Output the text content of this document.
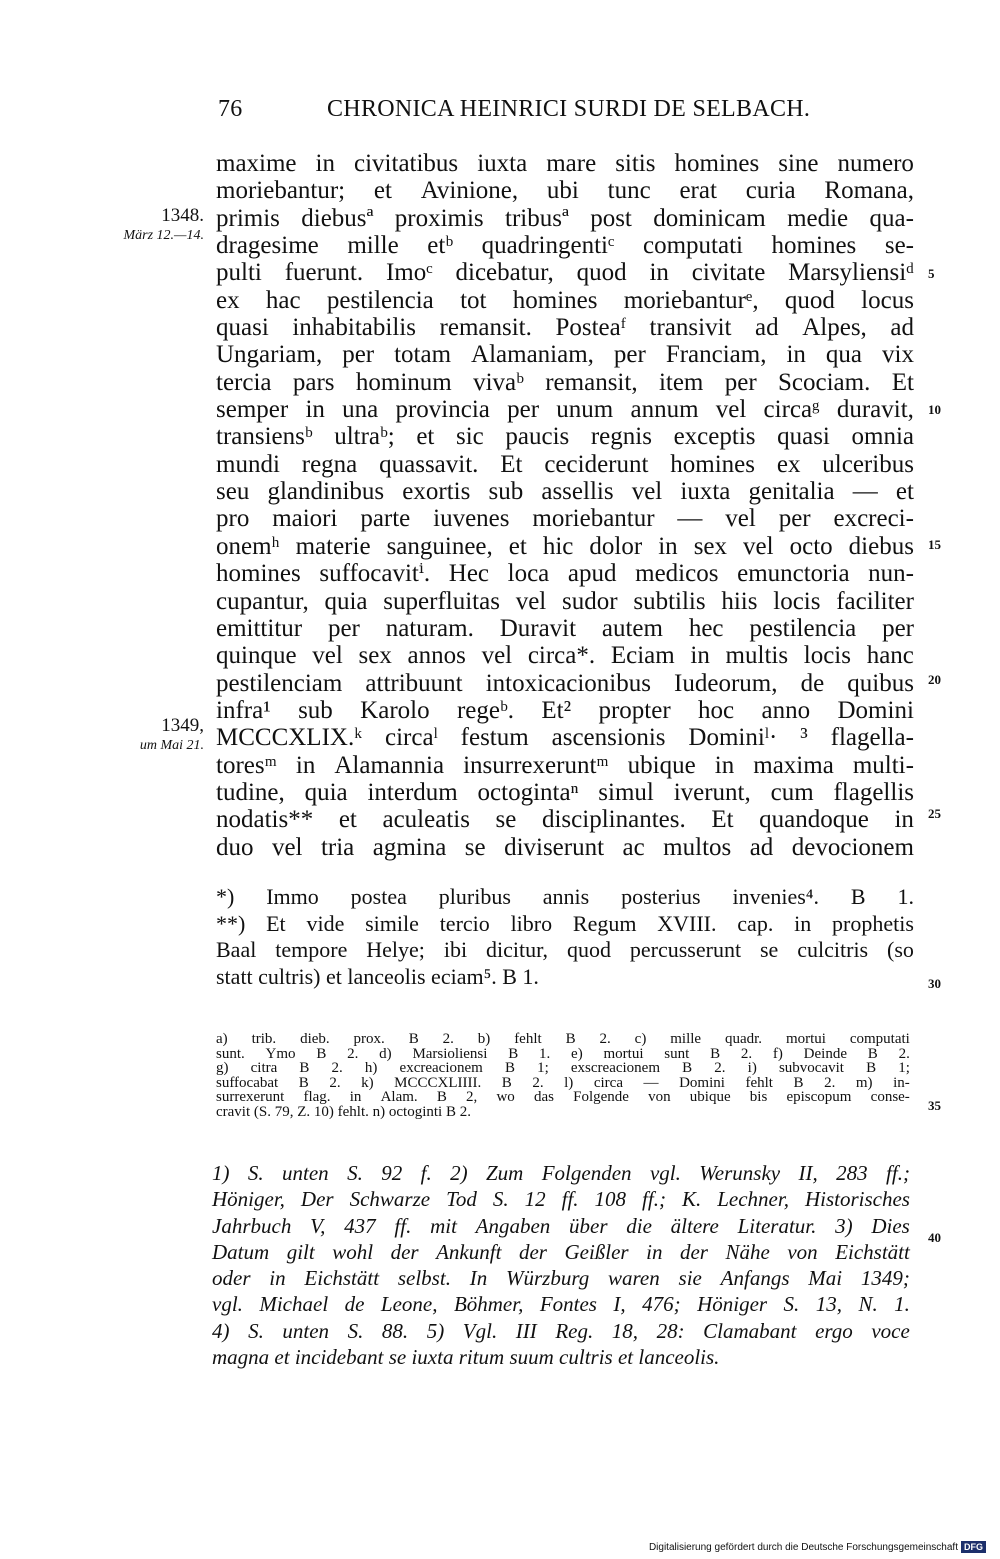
76	CHRONICA HEINRICI SURDI DE SELBACH.
1348.
März 12.—14.
1349,
um Mai 21.
5
10
15
20
25
30
35
40
maxime in civitatibus iuxta mare sitis homines sine numero
moriebantur; et Avinione, ubi tunc erat curia Romana,
primis diebusª proximis tribusª post dominicam medie qua-
dragesime mille etᵇ quadringentiᶜ computati homines se-
pulti fuerunt. Imoᶜ dicebatur, quod in civitate Marsyliensiᵈ
ex hac pestilencia tot homines moriebanturᵉ, quod locus
quasi inhabitabilis remansit. Posteaᶠ transivit ad Alpes, ad
Ungariam, per totam Alamaniam, per Franciam, in qua vix
tercia pars hominum vivaᵇ remansit, item per Scociam. Et
semper in una provincia per unum annum vel circaᵍ duravit,
transiensᵇ ultraᵇ; et sic paucis regnis exceptis quasi omnia
mundi regna quassavit. Et ceciderunt homines ex ulceribus
seu glandinibus exortis sub assellis vel iuxta genitalia — et
pro maiori parte iuvenes moriebantur — vel per excreci-
onemʰ materie sanguinee, et hic dolor in sex vel octo diebus
homines suffocavitⁱ. Hec loca apud medicos emunctoria nun-
cupantur, quia superfluitas vel sudor subtilis hiis locis faciliter
emittitur per naturam. Duravit autem hec pestilencia per
quinque vel sex annos vel circa*. Eciam in multis locis hanc
pestilenciam attribuunt intoxicacionibus Iudeorum, de quibus
infra¹ sub Karolo regeᵇ. Et² propter hoc anno Domini
MCCCXLIX.ᵏ circaˡ festum ascensionis Dominiˡ· ³ flagella-
toresᵐ in Alamannia insurrexeruntᵐ ubique in maxima multi-
tudine, quia interdum octogintaⁿ simul iverunt, cum flagellis
nodatis** et aculeatis se disciplinantes. Et quandoque in
duo vel tria agmina se diviserunt ac multos ad devocionem
*) Immo postea pluribus annis posterius invenies⁴. B 1.
**) Et vide simile tercio libro Regum XVIII. cap. in prophetis
Baal tempore Helye; ibi dicitur, quod percusserunt se culcitris (so
statt cultris) et lanceolis eciam⁵. B 1.
a) trib. dieb. prox. B 2. b) fehlt B 2. c) mille quadr. mortui computati
sunt. Ymo B 2. d) Marsioliensi B 1. e) mortui sunt B 2. f) Deinde B 2.
g) citra B 2. h) excreacionem B 1; exscreacionem B 2. i) subvocavit B 1;
suffocabat B 2. k) MCCCXLIIII. B 2. l) circa — Domini fehlt B 2. m) in-
surrexerunt flag. in Alam. B 2, wo das Folgende von ubique bis episcopum conse-
cravit (S. 79, Z. 10) fehlt. n) octoginti B 2.
1) S. unten S. 92 f. 2) Zum Folgenden vgl. Werunsky II, 283 ff.;
Höniger, Der Schwarze Tod S. 12 ff. 108 ff.; K. Lechner, Historisches
Jahrbuch V, 437 ff. mit Angaben über die ältere Literatur. 3) Dies
Datum gilt wohl der Ankunft der Geißler in der Nähe von Eichstätt
oder in Eichstätt selbst. In Würzburg waren sie Anfangs Mai 1349;
vgl. Michael de Leone, Böhmer, Fontes I, 476; Höniger S. 13, N. 1.
4) S. unten S. 88. 5) Vgl. III Reg. 18, 28: Clamabant ergo voce
magna et incidebant se iuxta ritum suum cultris et lanceolis.
Digitalisierung gefördert durch die Deutsche Forschungsgemeinschaft DFG
